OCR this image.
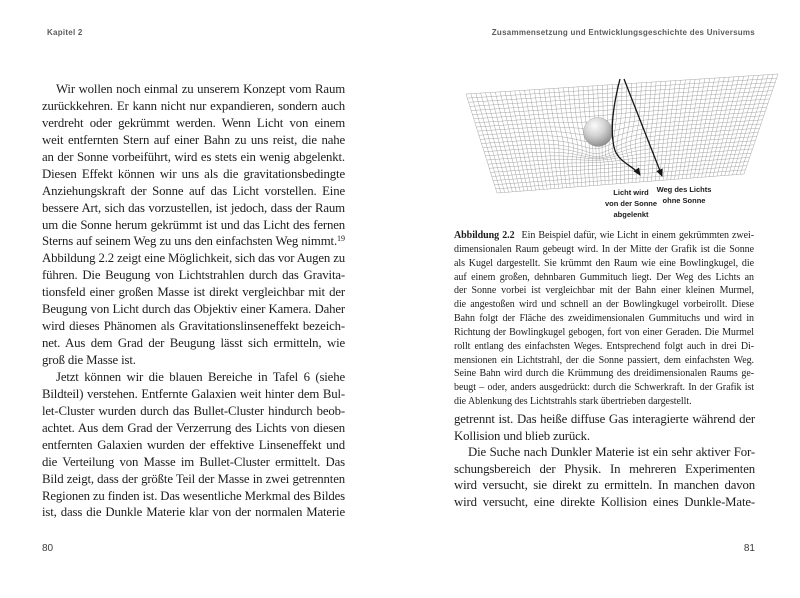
Kapitel 2	Zusammensetzung und Entwicklungsgeschichte des Universums
Wir wollen noch einmal zu unserem Konzept vom Raum
zurückkehren. Er kann nicht nur expandieren, sondern auch
verdreht oder gekrümmt werden. Wenn Licht von einem
weit entfernten Stern auf einer Bahn zu uns reist, die nahe
an der Sonne vorbeiführt, wird es stets ein wenig abgelenkt.
Diesen Effekt können wir uns als die gravitationsbedingte
Anziehungskraft der Sonne auf das Licht vorstellen. Eine
bessere Art, sich das vorzustellen, ist jedoch, dass der Raum
um die Sonne herum gekrümmt ist und das Licht des fernen
Sterns auf seinem Weg zu uns den einfachsten Weg nimmt.$^{19}$
Abbildung 2.2 zeigt eine Möglichkeit, sich das vor Augen zu
führen. Die Beugung von Lichtstrahlen durch das Gravita-
tionsfeld einer großen Masse ist direkt vergleichbar mit der
Beugung von Licht durch das Objektiv einer Kamera. Daher
wird dieses Phänomen als Gravitationslinseneffekt bezeich-
net. Aus dem Grad der Beugung lässt sich ermitteln, wie
groß die Masse ist.
Jetzt können wir die blauen Bereiche in Tafel 6 (siehe
Bildteil) verstehen. Entfernte Galaxien weit hinter dem Bul-
let-Cluster wurden durch das Bullet-Cluster hindurch beob-
achtet. Aus dem Grad der Verzerrung des Lichts von diesen
entfernten Galaxien wurden der effektive Linseneffekt und
die Verteilung von Masse im Bullet-Cluster ermittelt. Das
Bild zeigt, dass der größte Teil der Masse in zwei getrennten
Regionen zu finden ist. Das wesentliche Merkmal des Bildes
ist, dass die Dunkle Materie klar von der normalen Materie
Licht wird
von der Sonne
abgelenkt
Weg des Lichts
ohne Sonne
Abbildung 2.2 Ein Beispiel dafür, wie Licht in einem gekrümmten zwei-
dimensionalen Raum gebeugt wird. In der Mitte der Grafik ist die Sonne
als Kugel dargestellt. Sie krümmt den Raum wie eine Bowlingkugel, die
auf einem großen, dehnbaren Gummituch liegt. Der Weg des Lichts an
der Sonne vorbei ist vergleichbar mit der Bahn einer kleinen Murmel,
die angestoßen wird und schnell an der Bowlingkugel vorbeirollt. Diese
Bahn folgt der Fläche des zweidimensionalen Gummituchs und wird in
Richtung der Bowlingkugel gebogen, fort von einer Geraden. Die Murmel
rollt entlang des einfachsten Weges. Entsprechend folgt auch in drei Di-
mensionen ein Lichtstrahl, der die Sonne passiert, dem einfachsten Weg.
Seine Bahn wird durch die Krümmung des dreidimensionalen Raums ge-
beugt – oder, anders ausgedrückt: durch die Schwerkraft. In der Grafik ist
die Ablenkung des Lichtstrahls stark übertrieben dargestellt.
getrennt ist. Das heiße diffuse Gas interagierte während der
Kollision und blieb zurück.
Die Suche nach Dunkler Materie ist ein sehr aktiver For-
schungsbereich der Physik. In mehreren Experimenten
wird versucht, sie direkt zu ermitteln. In manchen davon
wird versucht, eine direkte Kollision eines Dunkle-Mate-
80	81
